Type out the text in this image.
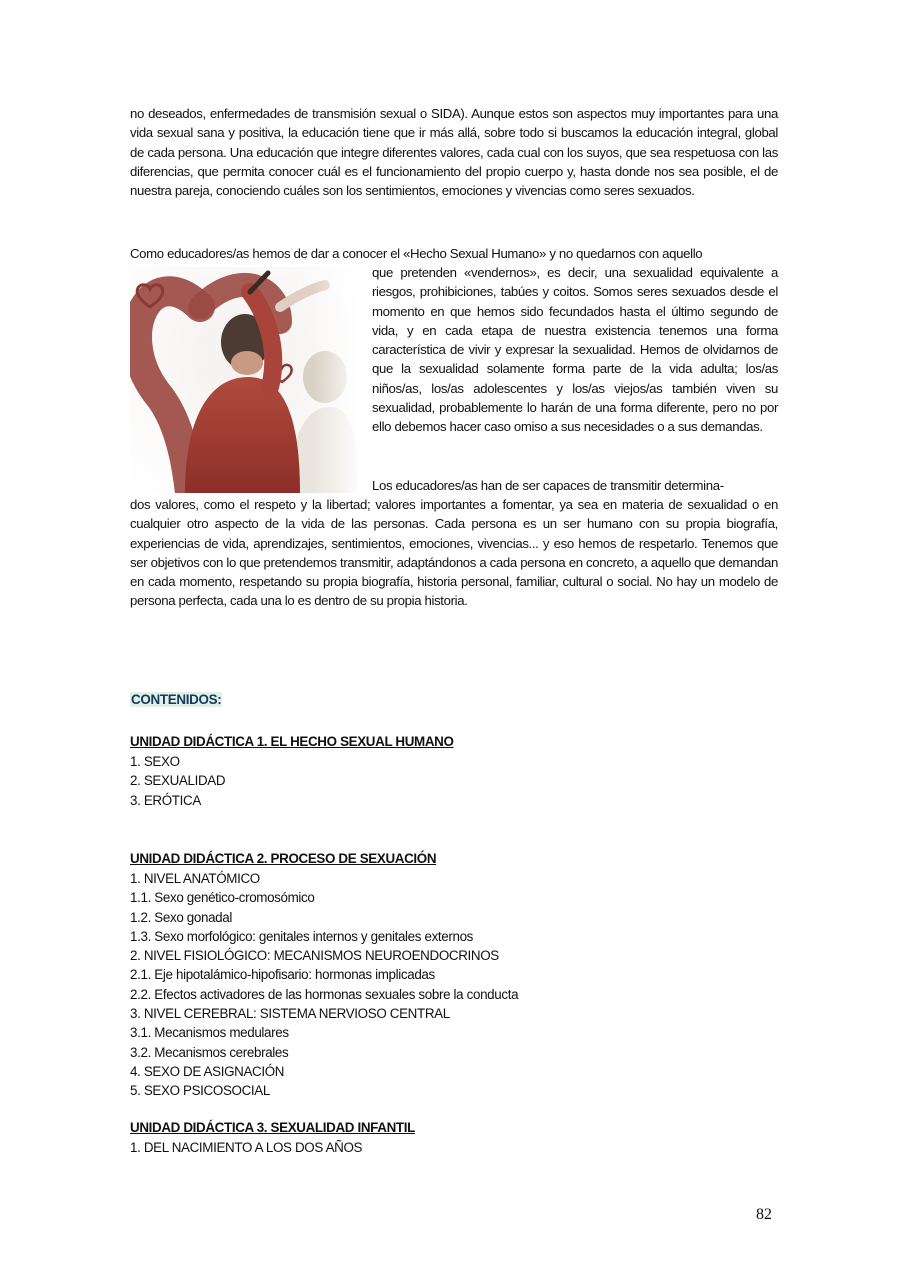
no deseados, enfermedades de transmisión sexual o SIDA). Aunque estos son aspectos muy importantes para una vida sexual sana y positiva, la educación tiene que ir más allá, sobre todo si buscamos la educación integral, global de cada persona. Una educación que integre diferentes valores, cada cual con los suyos, que sea respetuosa con las diferencias, que permita conocer cuál es el funcionamiento del propio cuerpo y, hasta donde nos sea posible, el de nuestra pareja, conociendo cuáles son los sentimientos, emociones y vivencias como seres sexuados.

Como educadores/as hemos de dar a conocer el «Hecho Sexual Humano» y no quedarnos con aquello

que pretenden «vendernos», es decir, una sexualidad equivalente a riesgos, prohibiciones, tabúes y coitos. Somos seres sexuados desde el momento en que hemos sido fecundados hasta el último segundo de vida, y en cada etapa de nuestra existencia tenemos una forma característica de vivir y expresar la sexualidad. Hemos de olvidarnos de que la sexualidad solamente forma parte de la vida adulta; los/as niños/as, los/as adolescentes y los/as viejos/as también viven su sexualidad, probablemente lo harán de una forma diferente, pero no por ello debemos hacer caso omiso a sus necesidades o a sus demandas.

Los educadores/as han de ser capaces de transmitir determina-

dos valores, como el respeto y la libertad; valores importantes a fomentar, ya sea en materia de sexualidad o en cualquier otro aspecto de la vida de las personas. Cada persona es un ser humano con su propia biografía, experiencias de vida, aprendizajes, sentimientos, emociones, vivencias... y eso hemos de respetarlo. Tenemos que ser objetivos con lo que pretendemos transmitir, adaptándonos a cada persona en concreto, a aquello que demandan en cada momento, respetando su propia biografía, historia personal, familiar, cultural o social. No hay un modelo de persona perfecta, cada una lo es dentro de su propia historia.

CONTENIDOS:
UNIDAD DIDÁCTICA 1. EL HECHO SEXUAL HUMANO
1. SEXO
2. SEXUALIDAD
3. ERÓTICA
UNIDAD DIDÁCTICA 2. PROCESO DE SEXUACIÓN
1. NIVEL ANATÓMICO
1.1. Sexo genético-cromosómico
1.2. Sexo gonadal
1.3. Sexo morfológico: genitales internos y genitales externos
2. NIVEL FISIOLÓGICO: MECANISMOS NEUROENDOCRINOS
2.1. Eje hipotalámico-hipofisario: hormonas implicadas
2.2. Efectos activadores de las hormonas sexuales sobre la conducta
3. NIVEL CEREBRAL: SISTEMA NERVIOSO CENTRAL
3.1. Mecanismos medulares
3.2. Mecanismos cerebrales
4. SEXO DE ASIGNACIÓN
5. SEXO PSICOSOCIAL
UNIDAD DIDÁCTICA 3. SEXUALIDAD INFANTIL
1. DEL NACIMIENTO A LOS DOS AÑOS
82
